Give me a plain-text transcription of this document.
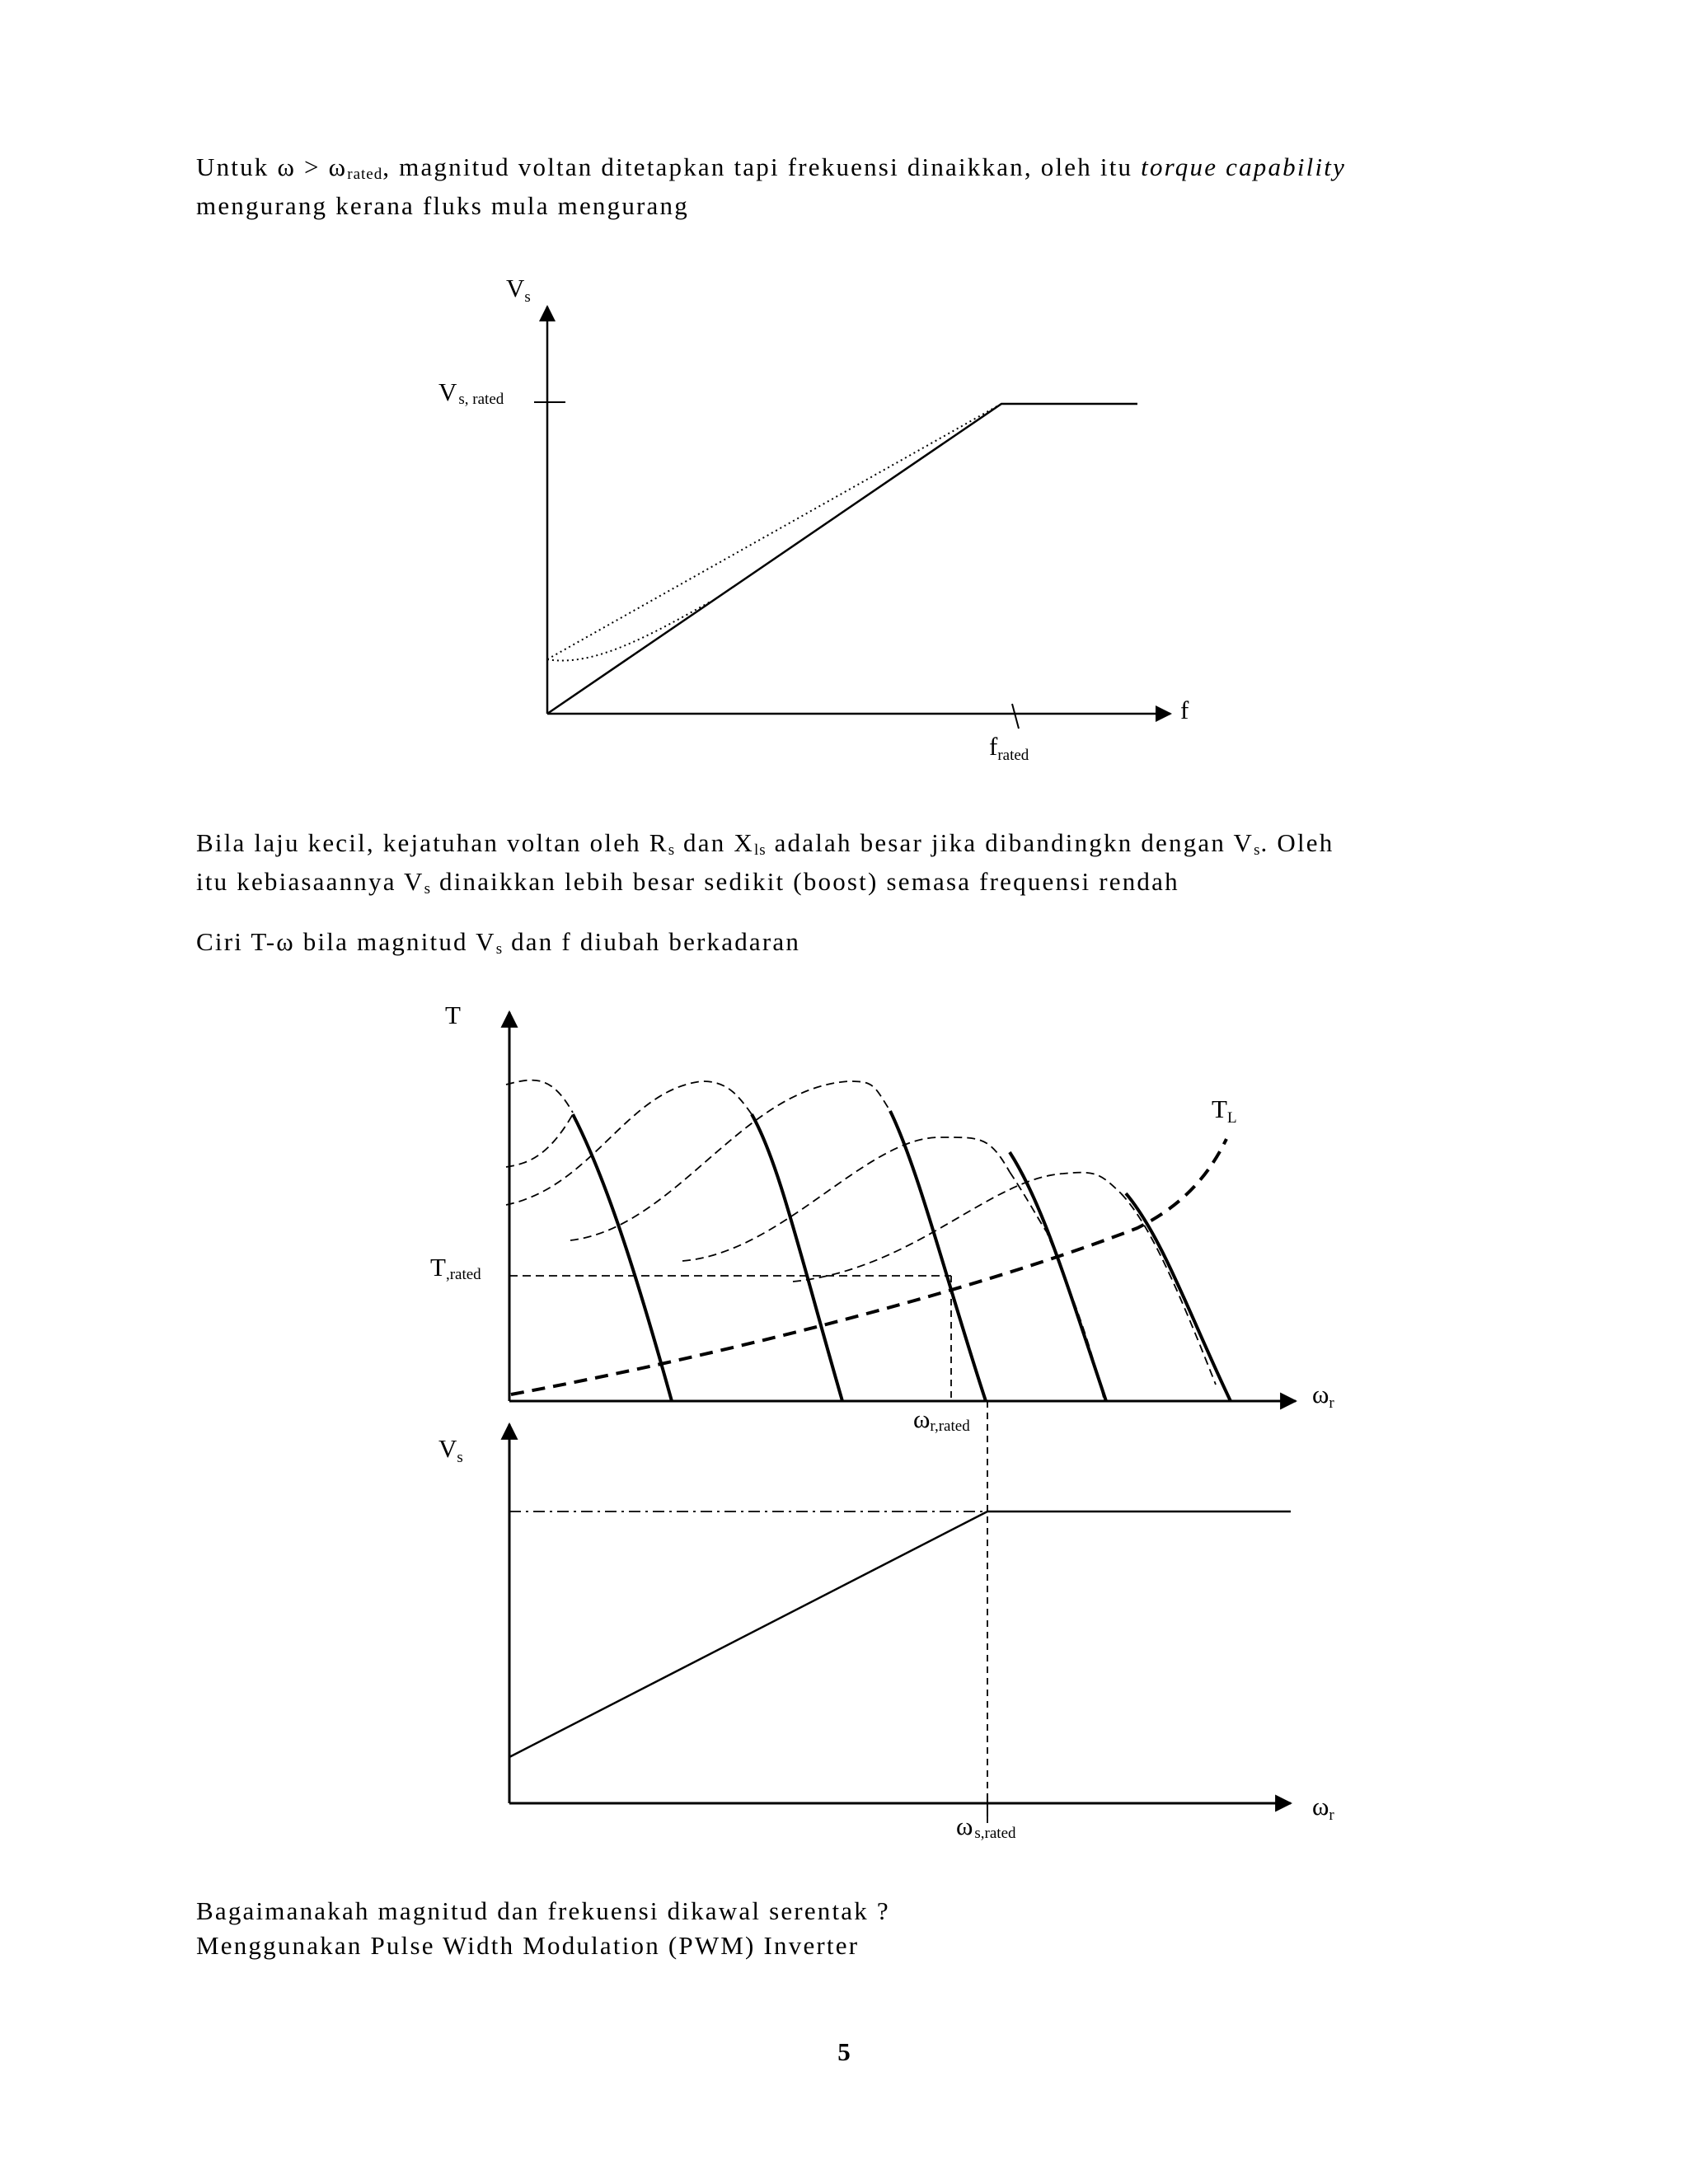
Untuk $\omega > \omega_{rated}$, magnitud voltan ditetapkan tapi frekuensi dinaikkan, oleh itu torque capability
mengurang kerana fluks mula mengurang

Vs
Vs, rated
f
frated

Bila laju kecil, kejatuhan voltan oleh $R_s$ dan $X_{ls}$ adalah besar jika dibandingkn dengan $V_s$. Oleh
itu kebiasaannya $V_s$ dinaikkan lebih besar sedikit (boost) semasa frequensi rendah

Ciri T-ω bila magnitud $V_s$ dan f diubah berkadaran

T
TL
T,rated
ωr
ωr,rated
Vs
ωr
ωs,rated

Bagaimanakah magnitud dan frekuensi dikawal serentak ?
Menggunakan Pulse Width Modulation (PWM) Inverter

5
